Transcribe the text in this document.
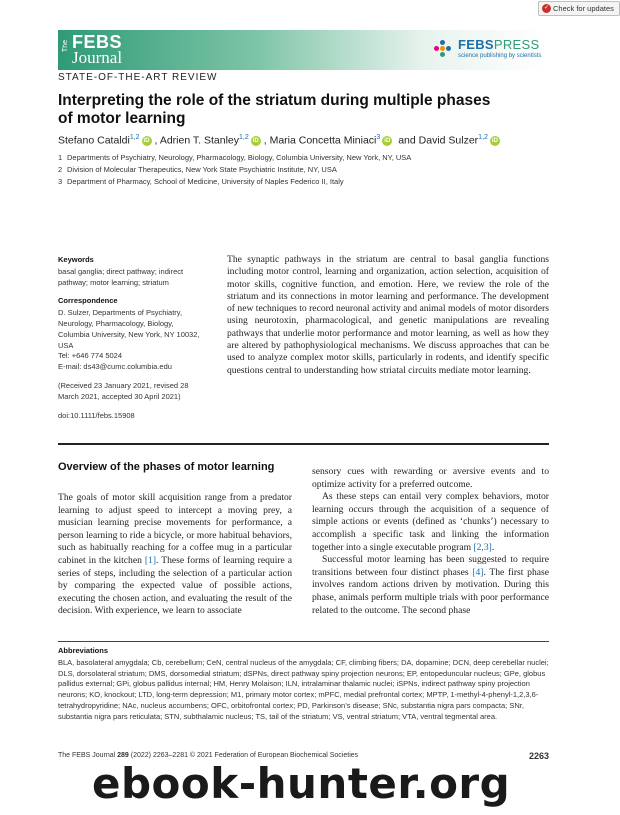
✓ Check for updates
The FEBS
Journal
FEBSPRESS
science publishing by scientists
STATE-OF-THE-ART REVIEW
Interpreting the role of the striatum during multiple phases of motor learning
Stefano Cataldi$^{1,2}$ iD , Adrien T. Stanley$^{1,2}$ iD , Maria Concetta Miniaci$^3$ iD and David Sulzer$^{1,2}$ iD
1 Departments of Psychiatry, Neurology, Pharmacology, Biology, Columbia University, New York, NY, USA
2 Division of Molecular Therapeutics, New York State Psychiatric Institute, NY, USA
3 Department of Pharmacy, School of Medicine, University of Naples Federico II, Italy
Keywords
basal ganglia; direct pathway; indirect pathway; motor learning; striatum
Correspondence
D. Sulzer, Departments of Psychiatry,
Neurology, Pharmacology, Biology,
Columbia University, New York, NY 10032,
USA
Tel: +646 774 5024
E-mail: ds43@cumc.columbia.edu
(Received 23 January 2021, revised 28 March 2021, accepted 30 April 2021)
doi:10.1111/febs.15908

The synaptic pathways in the striatum are central to basal ganglia functions including motor control, learning and organization, action selection, acquisition of motor skills, cognitive function, and emotion. Here, we review the role of the striatum and its connections in motor learning and performance. The development of new techniques to record neuronal activity and animal models of motor disorders using neurotoxin, pharmacological, and genetic manipulations are revealing pathways that underlie motor performance and motor learning, as well as how they are altered by pathophysiological mechanisms. We discuss approaches that can be used to analyze complex motor skills, particularly in rodents, and identify specific questions central to understanding how striatal circuits mediate motor learning.

Overview of the phases of motor learning

The goals of motor skill acquisition range from a predator learning to adjust speed to intercept a moving prey, a musician learning precise movements for performance, a person learning to ride a bicycle, or more habitual behaviors, such as habitually reaching for a coffee mug in a particular cabinet in the kitchen [1]. These forms of learning require a series of steps, including the selection of a particular action by comparing the expected value of possible actions, executing the chosen action, and evaluating the result of the decision. With experience, we learn to associate

sensory cues with rewarding or aversive events and to optimize activity for a preferred outcome.

As these steps can entail very complex behaviors, motor learning occurs through the acquisition of a sequence of simple actions or events (defined as ‘chunks’) necessary to accomplish a specific task and linking the information together into a single executable program [2,3].

Successful motor learning has been suggested to require transitions between four distinct phases [4]. The first phase involves random actions driven by motivation. During this phase, animals perform multiple trials with poor performance related to the outcome. The second phase

Abbreviations
BLA, basolateral amygdala; Cb, cerebellum; CeN, central nucleus of the amygdala; CF, climbing fibers; DA, dopamine; DCN, deep cerebellar nuclei; DLS, dorsolateral striatum; DMS, dorsomedial striatum; dSPNs, direct pathway spiny projection neurons; EP, entopeduncular nucleus; GPe, globus pallidus external; GPi, globus pallidus internal; HM, Henry Molaison; ILN, intralaminar thalamic nuclei; iSPNs, indirect pathway spiny projection neurons; KO, knockout; LTD, long-term depression; M1, primary motor cortex; mPFC, medial prefrontal cortex; MPTP, 1-methyl-4-phenyl-1,2,3,6-tetrahydropyridine; NAc, nucleus accumbens; OFC, orbitofrontal cortex; PD, Parkinson’s disease; SNc, substantia nigra pars compacta; SNr, substantia nigra pars reticulata; STN, subthalamic nucleus; TS, tail of the striatum; VS, ventral striatum; VTA, ventral tegmental area.
The FEBS Journal 289 (2022) 2263–2281 © 2021 Federation of European Biochemical Societies	2263
ebook-hunter.org
